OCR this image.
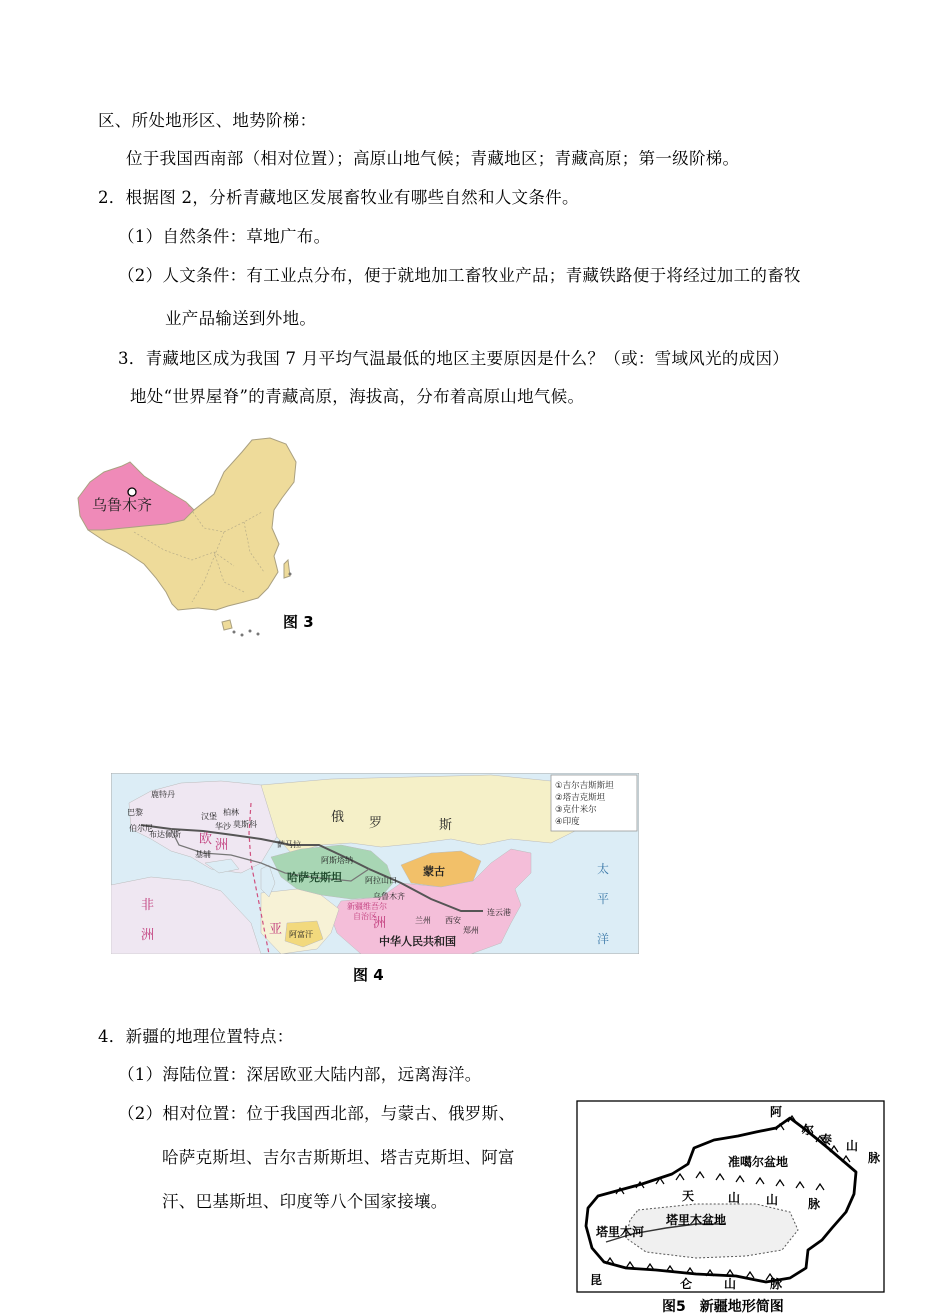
区、所处地形区、地势阶梯：
位于我国西南部（相对位置）；高原山地气候；青藏地区；青藏高原；第一级阶梯。
2．根据图 2，分析青藏地区发展畜牧业有哪些自然和人文条件。
（1）自然条件：草地广布。
（2）人文条件：有工业点分布，便于就地加工畜牧业产品；青藏铁路便于将经过加工的畜牧
业产品输送到外地。
3．青藏地区成为我国 7 月平均气温最低的地区主要原因是什么？（或：雪域风光的成因）
地处“世界屋脊”的青藏高原，海拔高，分布着高原山地气候。
乌鲁木齐
图 3
①吉尔吉斯斯坦
②塔吉克斯坦
③克什米尔
④印度
俄 罗	斯
欧 洲
亚	洲
非
洲
太
平
洋
哈萨克斯坦	蒙古
中华人民共和国
新疆维吾尔
自治区
阿富汗
鹿特丹
汉堡
华沙
柏林
莫斯科
巴黎
伯尔尼
布达佩斯
基辅
萨马拉
阿斯塔纳
阿拉山口
乌鲁木齐
兰州 西安
郑州
连云港
图 4
4．新疆的地理位置特点：
（1）海陆位置：深居欧亚大陆内部，远离海洋。
（2）相对位置：位于我国西北部，与蒙古、俄罗斯、
哈萨克斯坦、吉尔吉斯斯坦、塔吉克斯坦、阿富
汗、巴基斯坦、印度等八个国家接壤。
阿
尔
泰 山
脉
准噶尔盆地
天	山 山 脉
塔里木盆地
塔里木河
昆	仑	山	脉
图5　新疆地形简图
